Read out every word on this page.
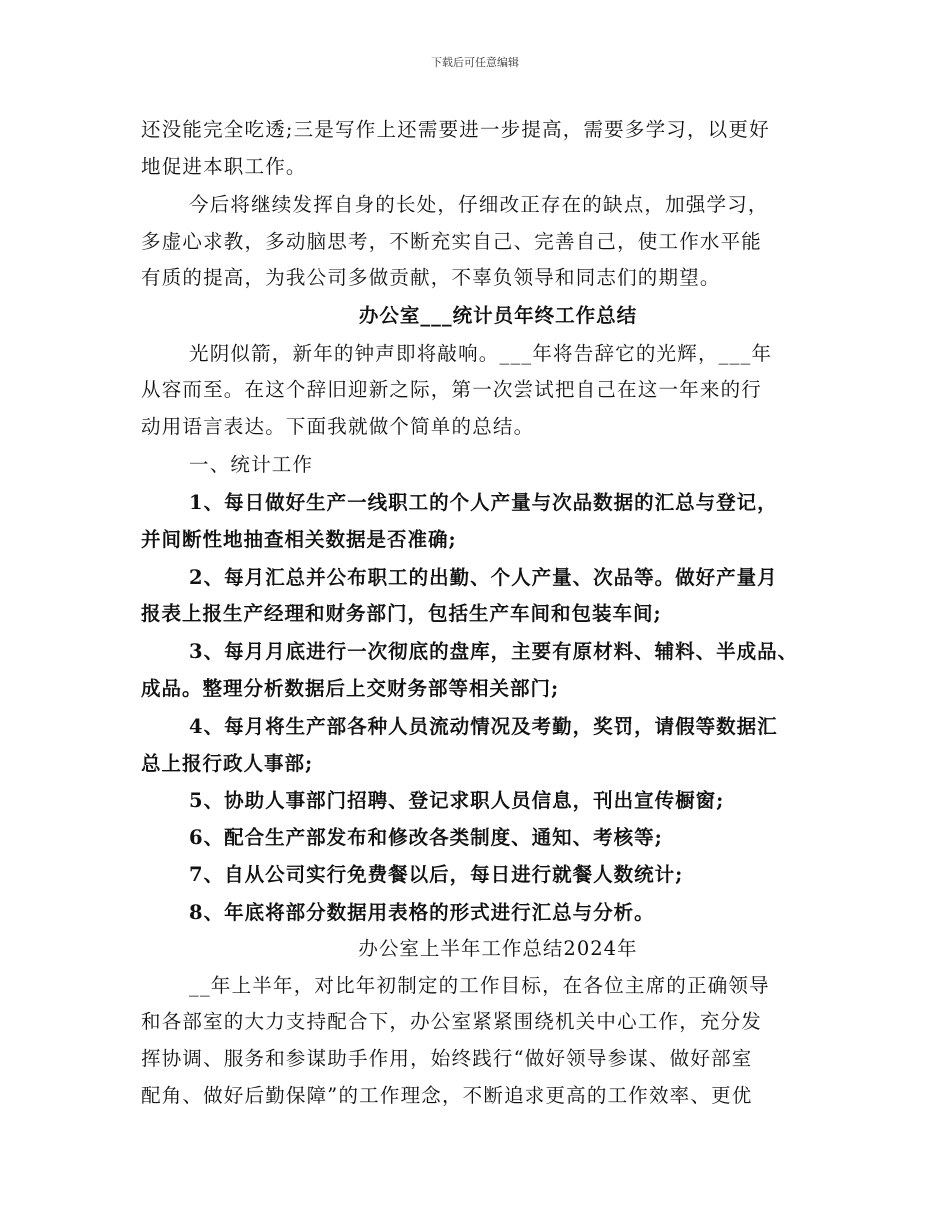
下载后可任意编辑
还没能完全吃透;三是写作上还需要进一步提高，需要多学习，以更好
地促进本职工作。
今后将继续发挥自身的长处，仔细改正存在的缺点，加强学习，
多虚心求教，多动脑思考，不断充实自己、完善自己，使工作水平能
有质的提高，为我公司多做贡献，不辜负领导和同志们的期望。
办公室___统计员年终工作总结
光阴似箭，新年的钟声即将敲响。___年将告辞它的光辉，___年
从容而至。在这个辞旧迎新之际，第一次尝试把自己在这一年来的行
动用语言表达。下面我就做个简单的总结。
一、统计工作
1、每日做好生产一线职工的个人产量与次品数据的汇总与登记，
并间断性地抽查相关数据是否准确;
2、每月汇总并公布职工的出勤、个人产量、次品等。做好产量月
报表上报生产经理和财务部门，包括生产车间和包装车间;
3、每月月底进行一次彻底的盘库，主要有原材料、辅料、半成品、
成品。整理分析数据后上交财务部等相关部门;
4、每月将生产部各种人员流动情况及考勤，奖罚，请假等数据汇
总上报行政人事部;
5、协助人事部门招聘、登记求职人员信息，刊出宣传橱窗;
6、配合生产部发布和修改各类制度、通知、考核等;
7、自从公司实行免费餐以后，每日进行就餐人数统计;
8、年底将部分数据用表格的形式进行汇总与分析。
办公室上半年工作总结2024年
__年上半年，对比年初制定的工作目标，在各位主席的正确领导
和各部室的大力支持配合下，办公室紧紧围绕机关中心工作，充分发
挥协调、服务和参谋助手作用，始终践行“做好领导参谋、做好部室
配角、做好后勤保障”的工作理念，不断追求更高的工作效率、更优
